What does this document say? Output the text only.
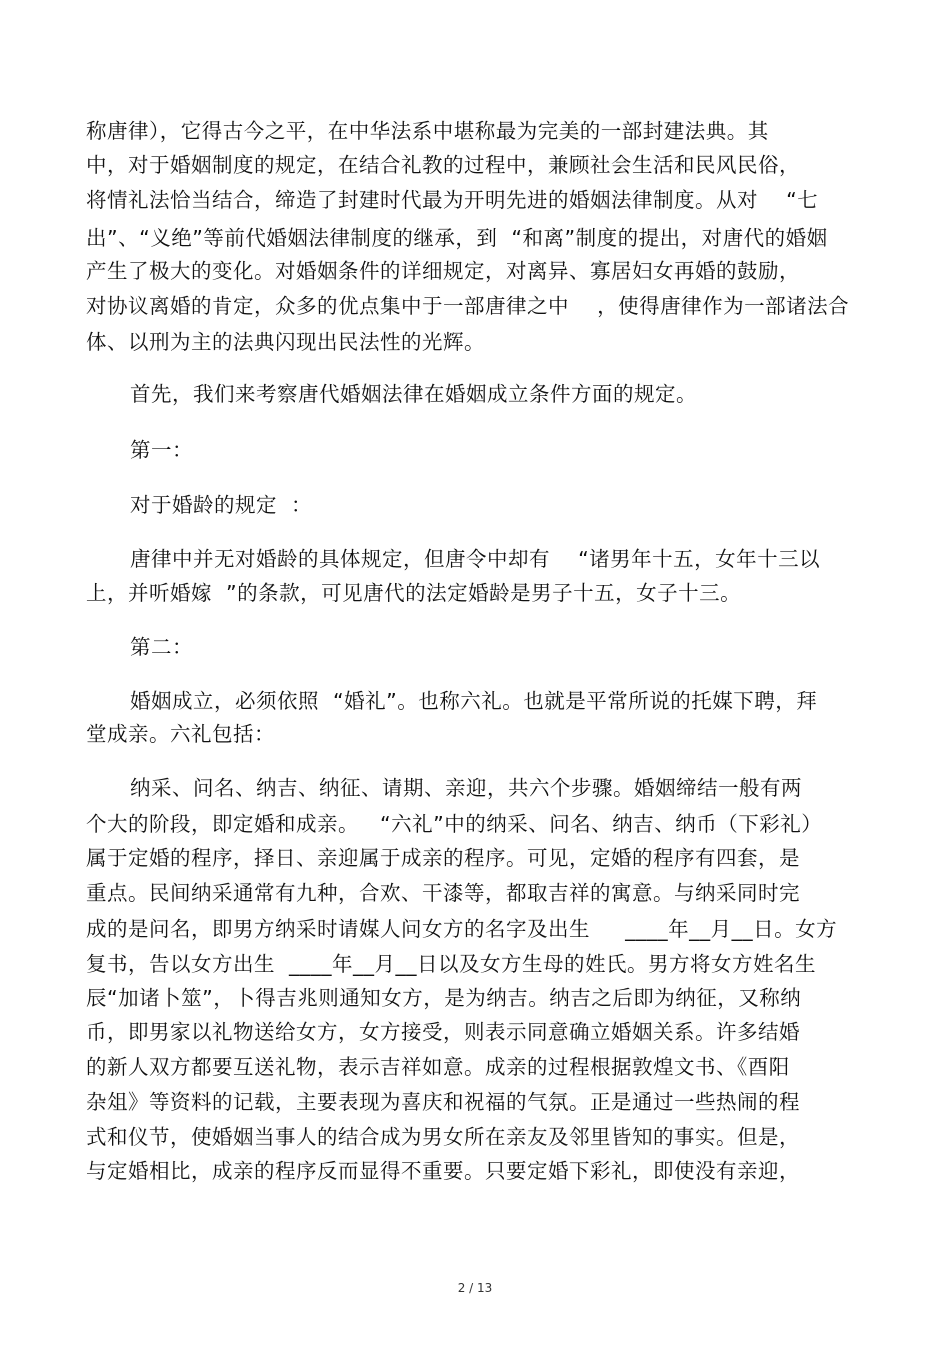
称唐律），它得古今之平，在中华法系中堪称最为完美的一部封建法典。其
中，对于婚姻制度的规定，在结合礼教的过程中，兼顾社会生活和民风民俗，
将情礼法恰当结合，缔造了封建时代最为开明先进的婚姻法律制度。从对    “七
出”、“义绝”等前代婚姻法律制度的继承，到  “和离”制度的提出，对唐代的婚姻
产生了极大的变化。对婚姻条件的详细规定，对离异、寡居妇女再婚的鼓励，
对协议离婚的肯定，众多的优点集中于一部唐律之中    ，使得唐律作为一部诸法合
体、以刑为主的法典闪现出民法性的光辉。
首先，我们来考察唐代婚姻法律在婚姻成立条件方面的规定。
第一：
对于婚龄的规定  ：
唐律中并无对婚龄的具体规定，但唐令中却有    “诸男年十五，女年十三以
上，并听婚嫁  ”的条款，可见唐代的法定婚龄是男子十五，女子十三。
第二：
婚姻成立，必须依照  “婚礼”。也称六礼。也就是平常所说的托媒下聘，拜
堂成亲。六礼包括：
纳采、问名、纳吉、纳征、请期、亲迎，共六个步骤。婚姻缔结一般有两
个大的阶段，即定婚和成亲。   “六礼”中的纳采、问名、纳吉、纳币（下彩礼）
属于定婚的程序，择日、亲迎属于成亲的程序。可见，定婚的程序有四套，是
重点。民间纳采通常有九种，合欢、干漆等，都取吉祥的寓意。与纳采同时完
成的是问名，即男方纳采时请媒人问女方的名字及出生     ____年__月__日。女方
复书，告以女方出生  ____年__月__日以及女方生母的姓氏。男方将女方姓名生
辰“加诸卜筮”，卜得吉兆则通知女方，是为纳吉。纳吉之后即为纳征，又称纳
币，即男家以礼物送给女方，女方接受，则表示同意确立婚姻关系。许多结婚
的新人双方都要互送礼物，表示吉祥如意。成亲的过程根据敦煌文书、《酉阳
杂俎》等资料的记载，主要表现为喜庆和祝福的气氛。正是通过一些热闹的程
式和仪节，使婚姻当事人的结合成为男女所在亲友及邻里皆知的事实。但是，
与定婚相比，成亲的程序反而显得不重要。只要定婚下彩礼，即使没有亲迎，
2 / 13
